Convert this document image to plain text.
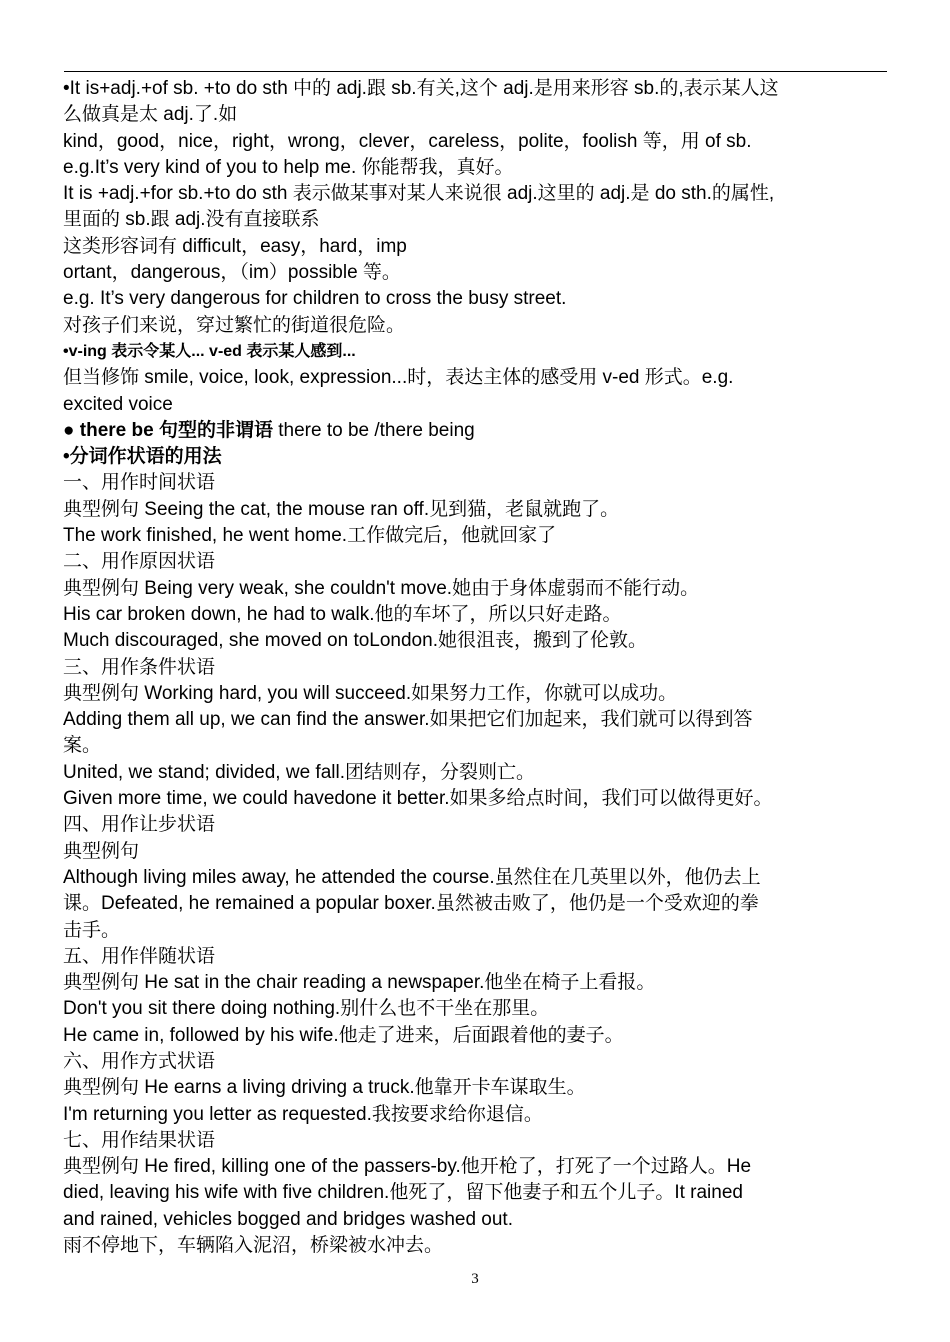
•It is+adj.+of sb. +to do sth 中的 adj.跟 sb.有关,这个 adj.是用来形容 sb.的,表示某人这
么做真是太 adj.了.如
kind，good，nice，right，wrong，clever，careless，polite，foolish 等，用 of sb.
e.g.It’s very kind of you to help me. 你能帮我，真好。
It is +adj.+for sb.+to do sth 表示做某事对某人来说很 adj.这里的 adj.是 do sth.的属性,
里面的 sb.跟 adj.没有直接联系
这类形容词有 difficult，easy，hard，imp
ortant，dangerous，（im）possible 等。
e.g. It’s very dangerous for children to cross the busy street.
对孩子们来说，穿过繁忙的街道很危险。
•v-ing 表示令某人... v-ed 表示某人感到...
但当修饰 smile, voice, look, expression...时，表达主体的感受用 v-ed 形式。e.g.
excited voice
● there be 句型的非谓语 there to be /there being
•分词作状语的用法
一、用作时间状语
典型例句 Seeing the cat, the mouse ran off.见到猫，老鼠就跑了。
The work finished, he went home.工作做完后，他就回家了
二、用作原因状语
典型例句 Being very weak, she couldn't move.她由于身体虚弱而不能行动。
His car broken down, he had to walk.他的车坏了，所以只好走路。
Much discouraged, she moved on toLondon.她很沮丧，搬到了伦敦。
三、用作条件状语
典型例句 Working hard, you will succeed.如果努力工作，你就可以成功。
Adding them all up, we can find the answer.如果把它们加起来，我们就可以得到答
案。
United, we stand; divided, we fall.团结则存，分裂则亡。
Given more time, we could havedone it better.如果多给点时间，我们可以做得更好。
四、用作让步状语
典型例句
Although living miles away, he attended the course.虽然住在几英里以外，他仍去上
课。Defeated, he remained a popular boxer.虽然被击败了，他仍是一个受欢迎的拳
击手。
五、用作伴随状语
典型例句 He sat in the chair reading a newspaper.他坐在椅子上看报。
Don't you sit there doing nothing.别什么也不干坐在那里。
He came in, followed by his wife.他走了进来，后面跟着他的妻子。
六、用作方式状语
典型例句 He earns a living driving a truck.他靠开卡车谋取生。
I'm returning you letter as requested.我按要求给你退信。
七、用作结果状语
典型例句 He fired, killing one of the passers-by.他开枪了，打死了一个过路人。He
died, leaving his wife with five children.他死了，留下他妻子和五个儿子。It rained
and rained, vehicles bogged and bridges washed out.
雨不停地下，车辆陷入泥沼，桥梁被水冲去。
3
